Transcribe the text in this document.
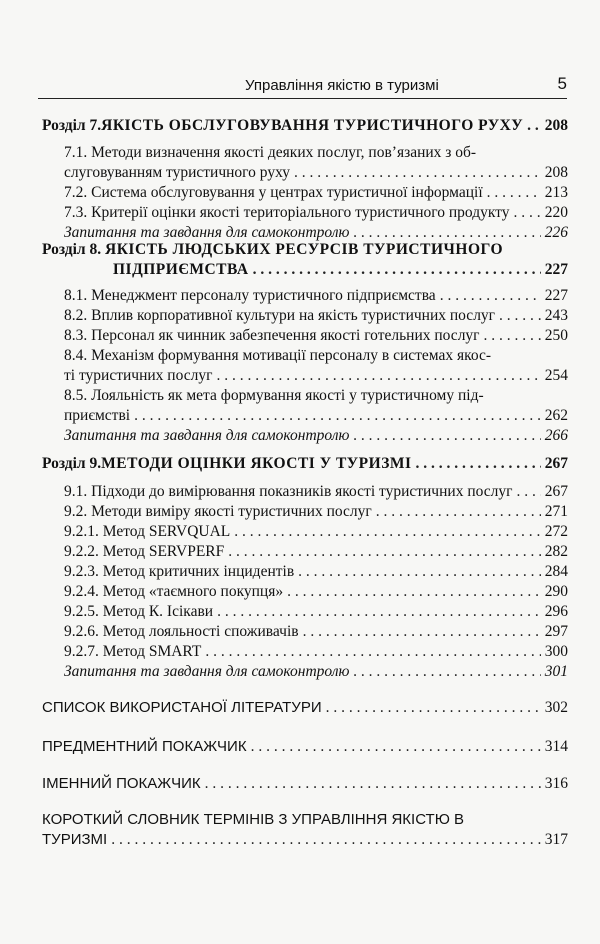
Управління якістю в туризмі	5
Розділ 7. ЯКІСТЬ ОБСЛУГОВУВАННЯ ТУРИСТИЧНОГО РУХУ . . . 208
7.1. Методи визначення якості деяких послуг, пов’язаних з об-
слуговуванням туристичного руху . . .	208
7.2. Система обслуговування у центрах туристичної інформації . . .	213
7.3. Критерії оцінки якості територіального туристичного продукту . . . 220
Запитання та завдання для самоконтролю . . .	226
Розділ 8. ЯКІСТЬ ЛЮДСЬКИХ РЕСУРСІВ ТУРИСТИЧНОГО
ПІДПРИЄМСТВА . . .	227
8.1. Менеджмент персоналу туристичного підприємства . . .	227
8.2. Вплив корпоративної культури на якість туристичних послуг . . .	243
8.3. Персонал як чинник забезпечення якості готельних послуг . . .	250
8.4. Механізм формування мотивації персоналу в системах якос-
ті туристичних послуг . . .	254
8.5. Лояльність як мета формування якості у туристичному під-
приємстві . . .	262
Запитання та завдання для самоконтролю . . .	266
Розділ 9. МЕТОДИ ОЦІНКИ ЯКОСТІ У ТУРИЗМІ . . .	267
9.1. Підходи до вимірювання показників якості туристичних послуг . . . 267
9.2. Методи виміру якості туристичних послуг . . .	271
9.2.1. Метод SERVQUAL . . .	272
9.2.2. Метод SERVPERF . . .	282
9.2.3. Метод критичних інцидентів . . .	284
9.2.4. Метод «таємного покупця» . . .	290
9.2.5. Метод К. Ісікави . . .	296
9.2.6. Метод лояльності споживачів . . .	297
9.2.7. Метод SMART . . .	300
Запитання та завдання для самоконтролю . . .	301
СПИСОК ВИКОРИСТАНОЇ ЛІТЕРАТУРИ . . .	302
ПРЕДМЕНТНИЙ ПОКАЖЧИК . . .	314
ІМЕННИЙ ПОКАЖЧИК . . .	316
КОРОТКИЙ СЛОВНИК ТЕРМІНІВ З УПРАВЛІННЯ ЯКІСТЮ В
ТУРИЗМІ . . .	317
